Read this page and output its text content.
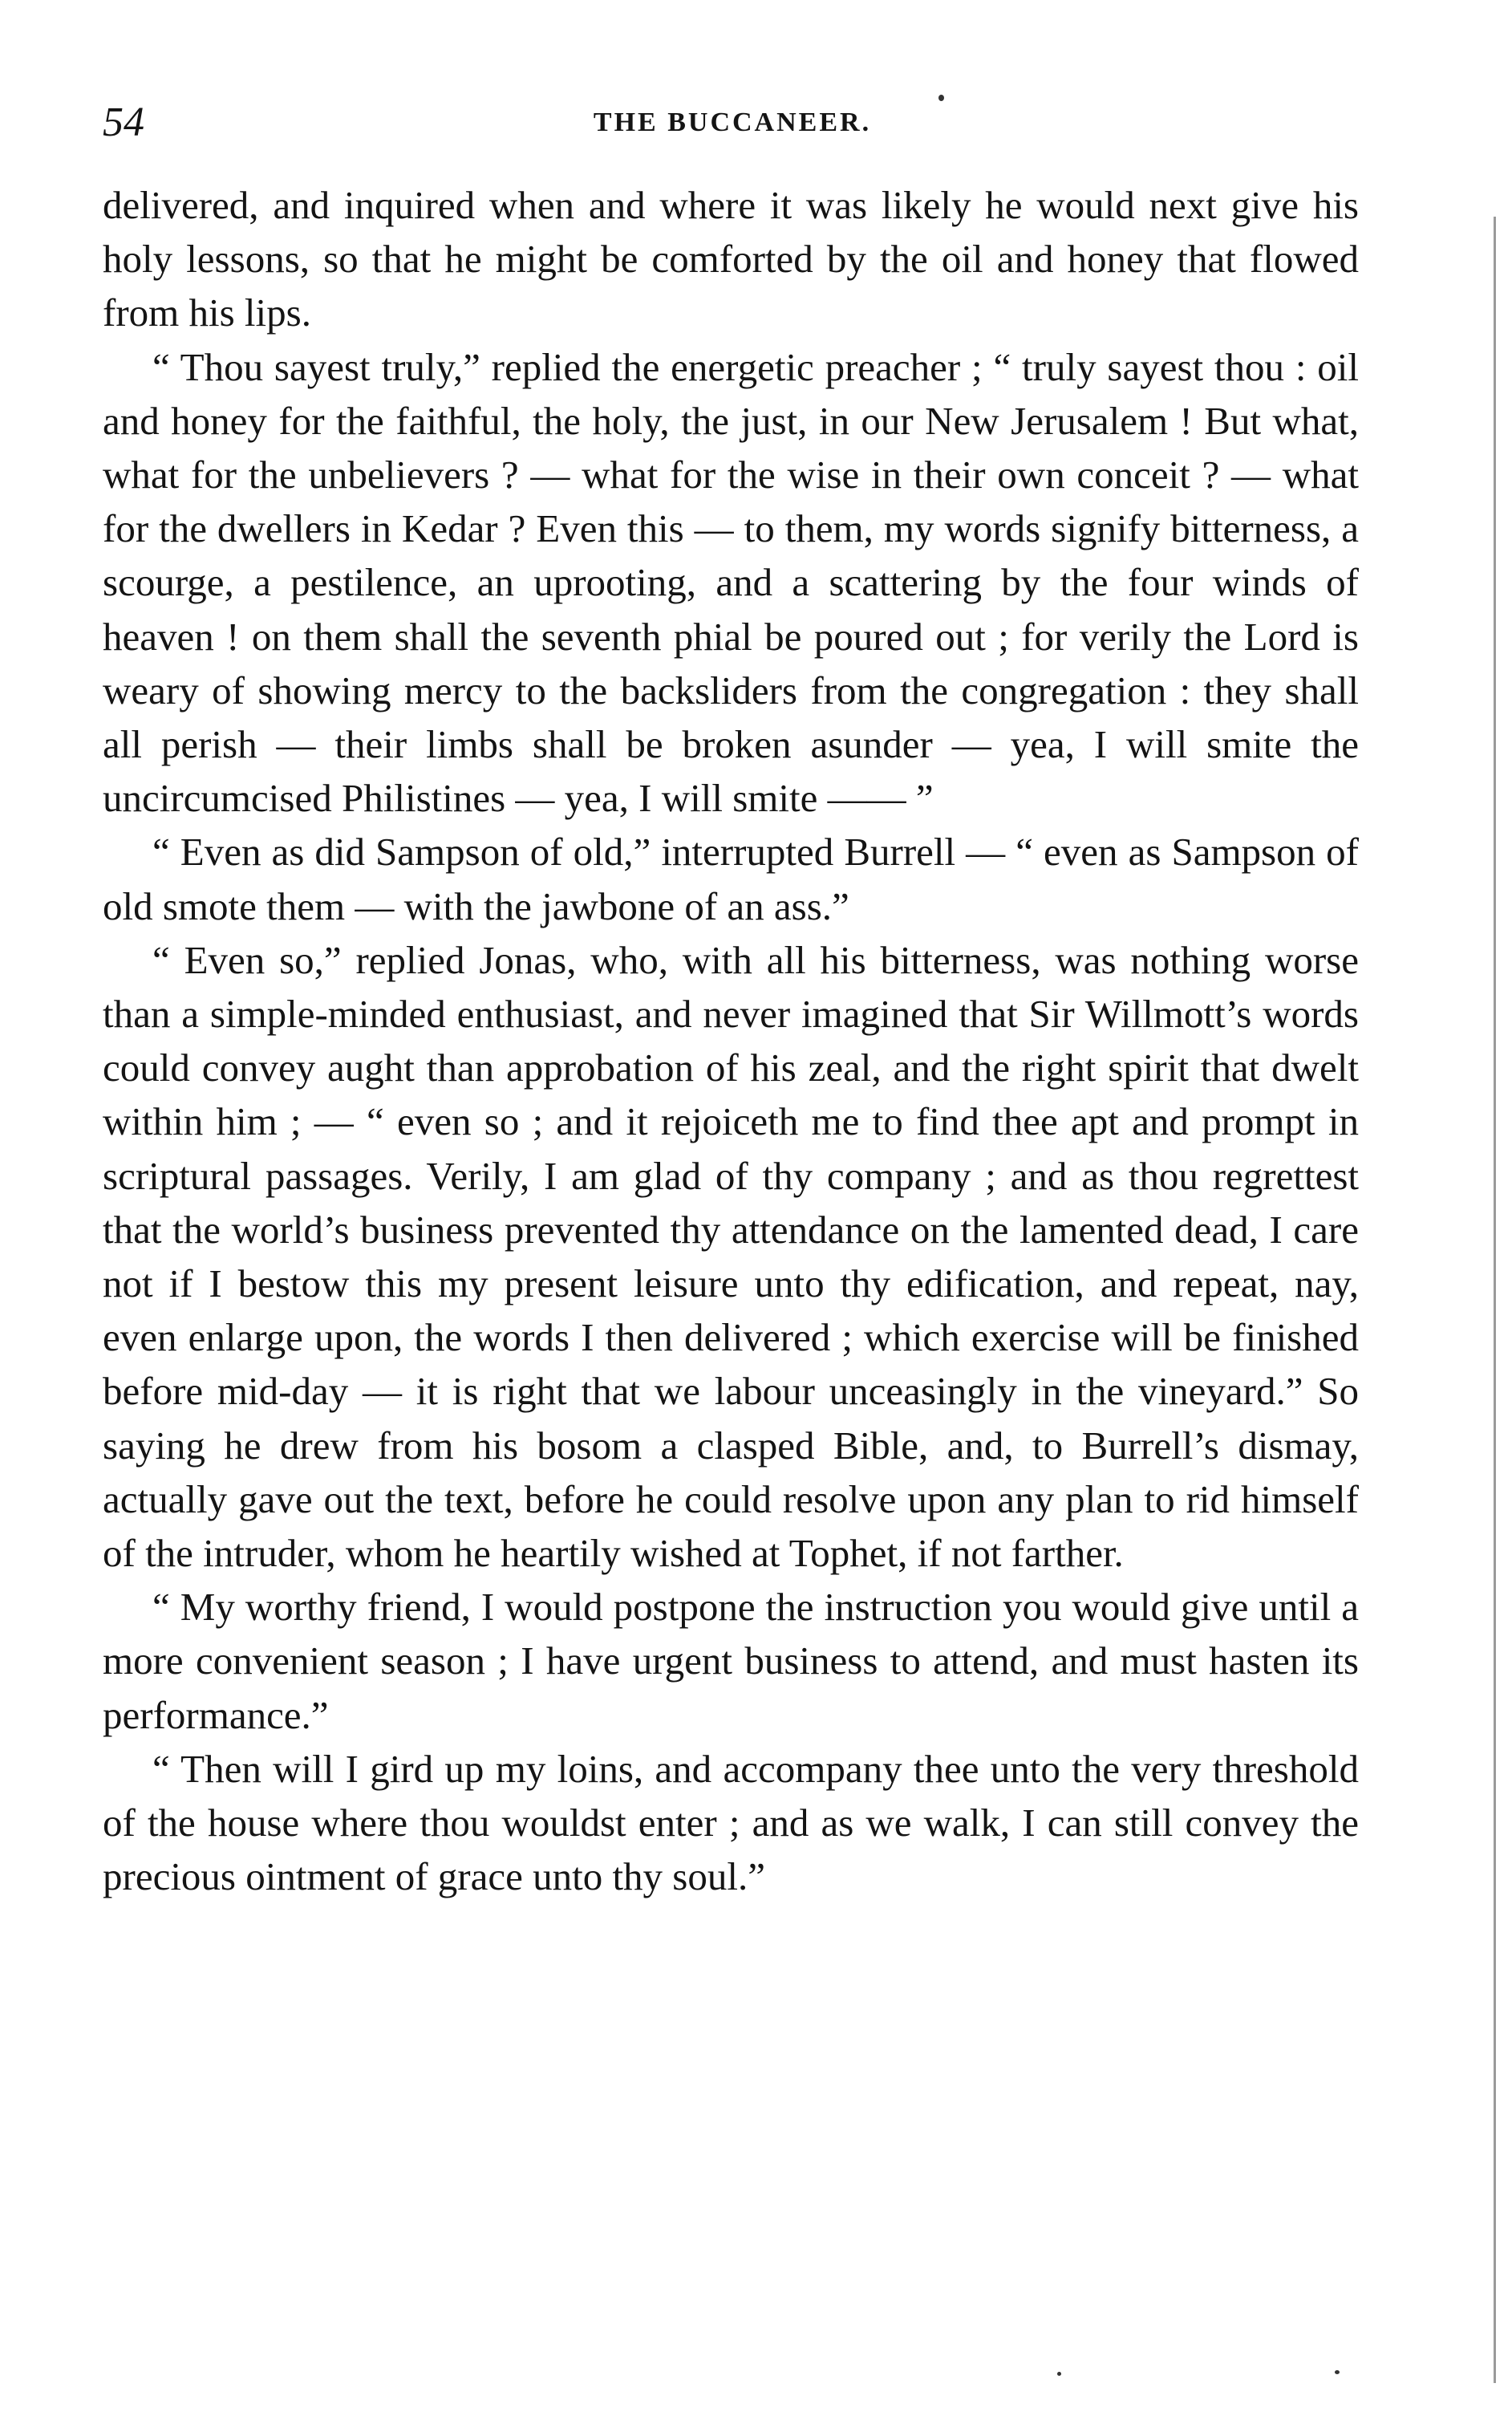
54	THE BUCCANEER.

delivered, and inquired when and where it was likely he would next give his holy lessons, so that he might be comforted by the oil and honey that flowed from his lips.

“ Thou sayest truly,” replied the energetic preacher ; “ truly sayest thou : oil and honey for the faithful, the holy, the just, in our New Jerusalem ! But what, what for the unbelievers ? — what for the wise in their own conceit ? — what for the dwellers in Kedar ? Even this — to them, my words signify bitterness, a scourge, a pestilence, an uprooting, and a scattering by the four winds of heaven ! on them shall the seventh phial be poured out ; for verily the Lord is weary of showing mercy to the backsliders from the congregation : they shall all perish — their limbs shall be broken asunder — yea, I will smite the uncircumcised Philistines — yea, I will smite —— ”

“ Even as did Sampson of old,” interrupted Burrell — “ even as Sampson of old smote them — with the jawbone of an ass.”

“ Even so,” replied Jonas, who, with all his bitterness, was nothing worse than a simple-minded enthusiast, and never imagined that Sir Willmott’s words could convey aught than approbation of his zeal, and the right spirit that dwelt within him ; — “ even so ; and it rejoiceth me to find thee apt and prompt in scriptural passages. Verily, I am glad of thy company ; and as thou regrettest that the world’s business prevented thy attendance on the lamented dead, I care not if I bestow this my present leisure unto thy edification, and repeat, nay, even enlarge upon, the words I then delivered ; which exercise will be finished before mid-day — it is right that we labour unceasingly in the vineyard.” So saying he drew from his bosom a clasped Bible, and, to Burrell’s dismay, actually gave out the text, before he could resolve upon any plan to rid himself of the intruder, whom he heartily wished at Tophet, if not farther.

“ My worthy friend, I would postpone the instruction you would give until a more convenient season ; I have urgent business to attend, and must hasten its performance.”

“ Then will I gird up my loins, and accompany thee unto the very threshold of the house where thou wouldst enter ; and as we walk, I can still convey the precious ointment of grace unto thy soul.”
